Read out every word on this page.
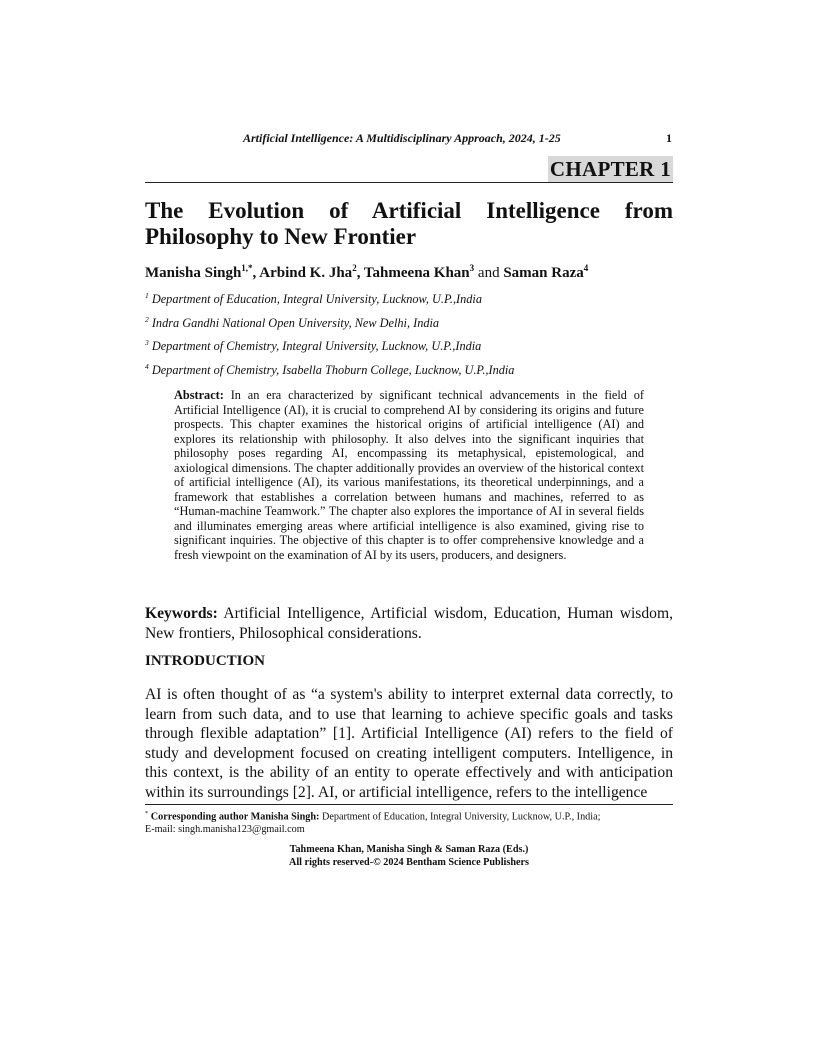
Artificial Intelligence: A Multidisciplinary Approach, 2024, 1-25	1
CHAPTER 1
The Evolution of Artificial Intelligence from
Philosophy to New Frontier
Manisha Singh$^{1,*}$, Arbind K. Jha$^2$, Tahmeena Khan$^3$ and Saman Raza$^4$
$^1$ Department of Education, Integral University, Lucknow, U.P.,India
$^2$ Indra Gandhi National Open University, New Delhi, India
$^3$ Department of Chemistry, Integral University, Lucknow, U.P.,India
$^4$ Department of Chemistry, Isabella Thoburn College, Lucknow, U.P.,India

Abstract: In an era characterized by significant technical advancements in the field of Artificial Intelligence (AI), it is crucial to comprehend AI by considering its origins and future prospects. This chapter examines the historical origins of artificial intelligence (AI) and explores its relationship with philosophy. It also delves into the significant inquiries that philosophy poses regarding AI, encompassing its metaphysical, epistemological, and axiological dimensions. The chapter additionally provides an overview of the historical context of artificial intelligence (AI), its various manifestations, its theoretical underpinnings, and a framework that establishes a correlation between humans and machines, referred to as “Human-machine Teamwork.” The chapter also explores the importance of AI in several fields and illuminates emerging areas where artificial intelligence is also examined, giving rise to significant inquiries. The objective of this chapter is to offer comprehensive knowledge and a fresh viewpoint on the examination of AI by its users, producers, and designers.

Keywords: Artificial Intelligence, Artificial wisdom, Education, Human wisdom, New frontiers, Philosophical considerations.

INTRODUCTION

AI is often thought of as “a system's ability to interpret external data correctly, to learn from such data, and to use that learning to achieve specific goals and tasks through flexible adaptation” [1]. Artificial Intelligence (AI) refers to the field of study and development focused on creating intelligent computers. Intelligence, in this context, is the ability of an entity to operate effectively and with anticipation within its surroundings [2]. AI, or artificial intelligence, refers to the intelligence

* Corresponding author Manisha Singh: Department of Education, Integral University, Lucknow, U.P., India;
E-mail: singh.manisha123@gmail.com
Tahmeena Khan, Manisha Singh & Saman Raza (Eds.)
All rights reserved-© 2024 Bentham Science Publishers
